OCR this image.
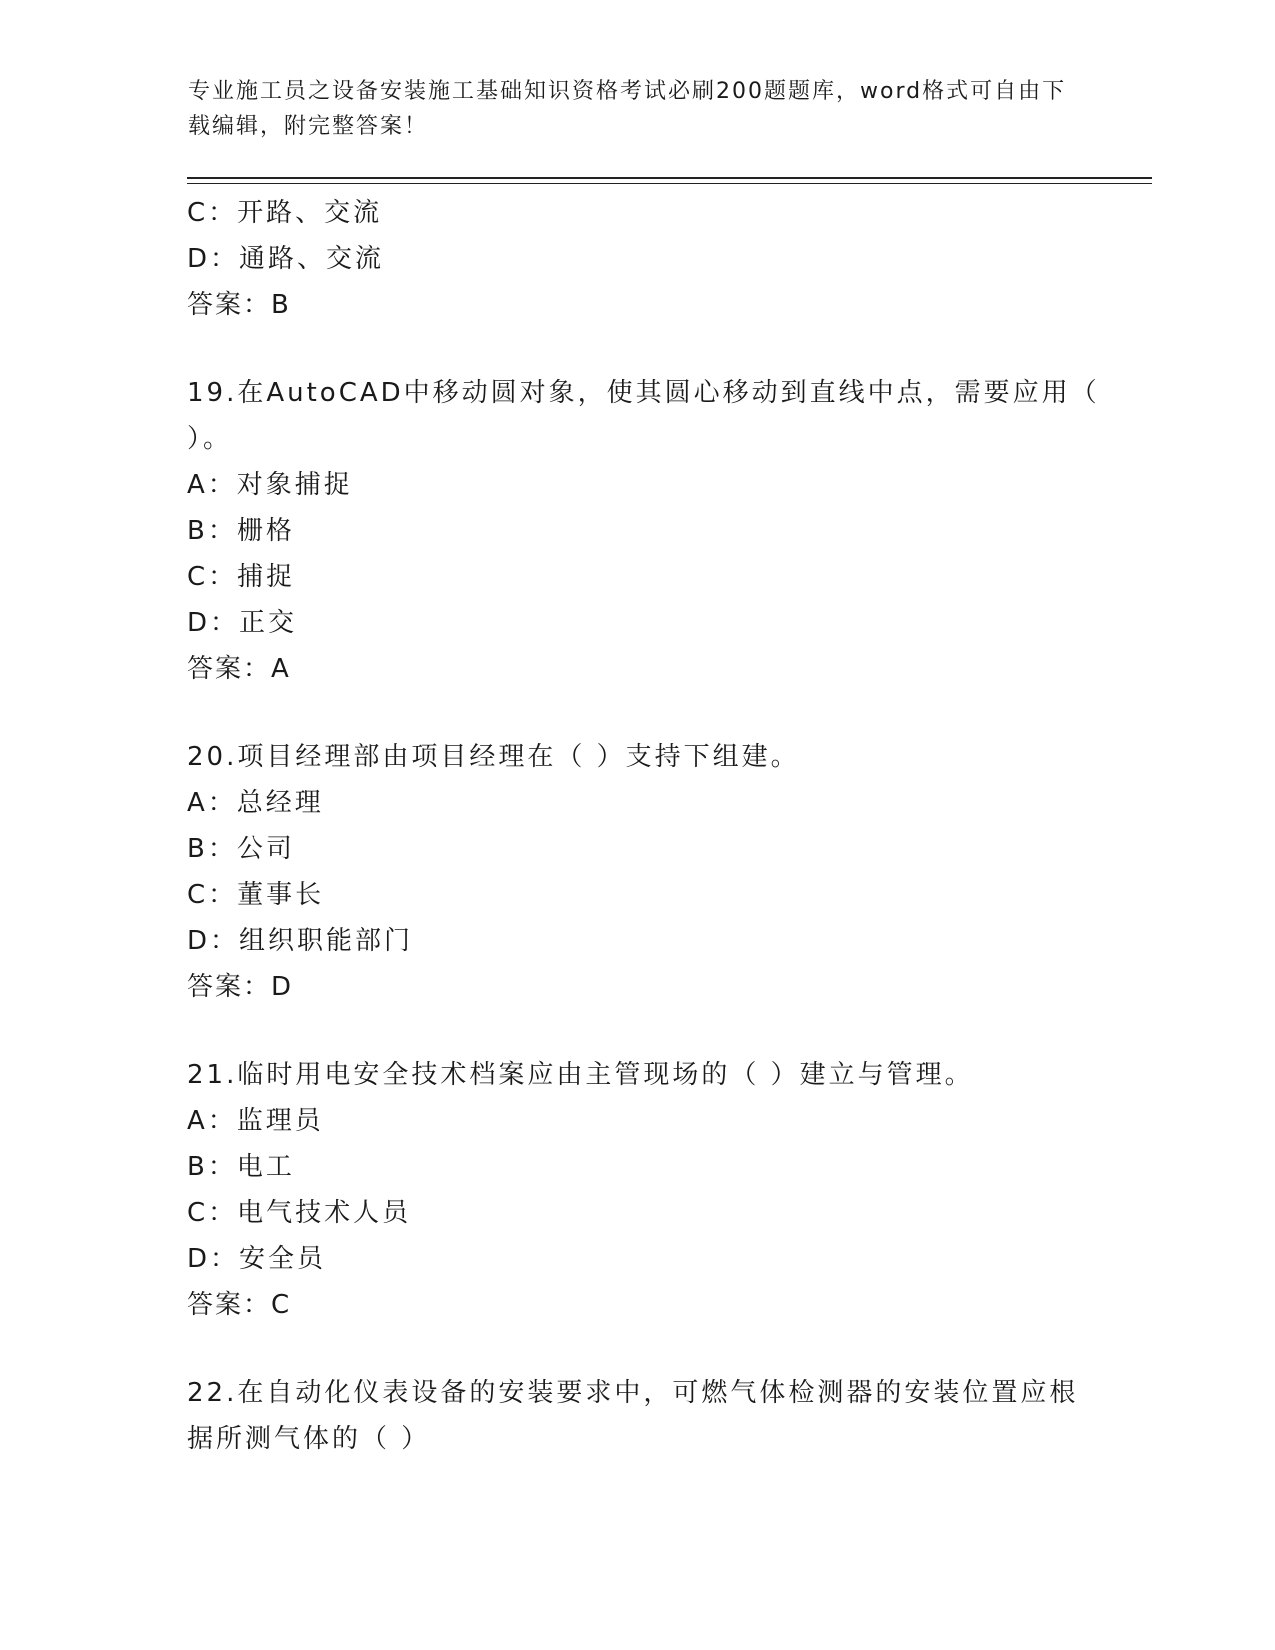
专业施工员之设备安装施工基础知识资格考试必刷200题题库，word格式可自由下载编辑，附完整答案！
C：开路、交流
D：通路、交流
答案：B
19.在AutoCAD中移动圆对象，使其圆心移动到直线中点，需要应用（
）。
A：对象捕捉
B：栅格
C：捕捉
D：正交
答案：A
20.项目经理部由项目经理在（ ）支持下组建。
A：总经理
B：公司
C：董事长
D：组织职能部门
答案：D
21.临时用电安全技术档案应由主管现场的（ ）建立与管理。
A：监理员
B：电工
C：电气技术人员
D：安全员
答案：C
22.在自动化仪表设备的安装要求中，可燃气体检测器的安装位置应根
据所测气体的（ ）
